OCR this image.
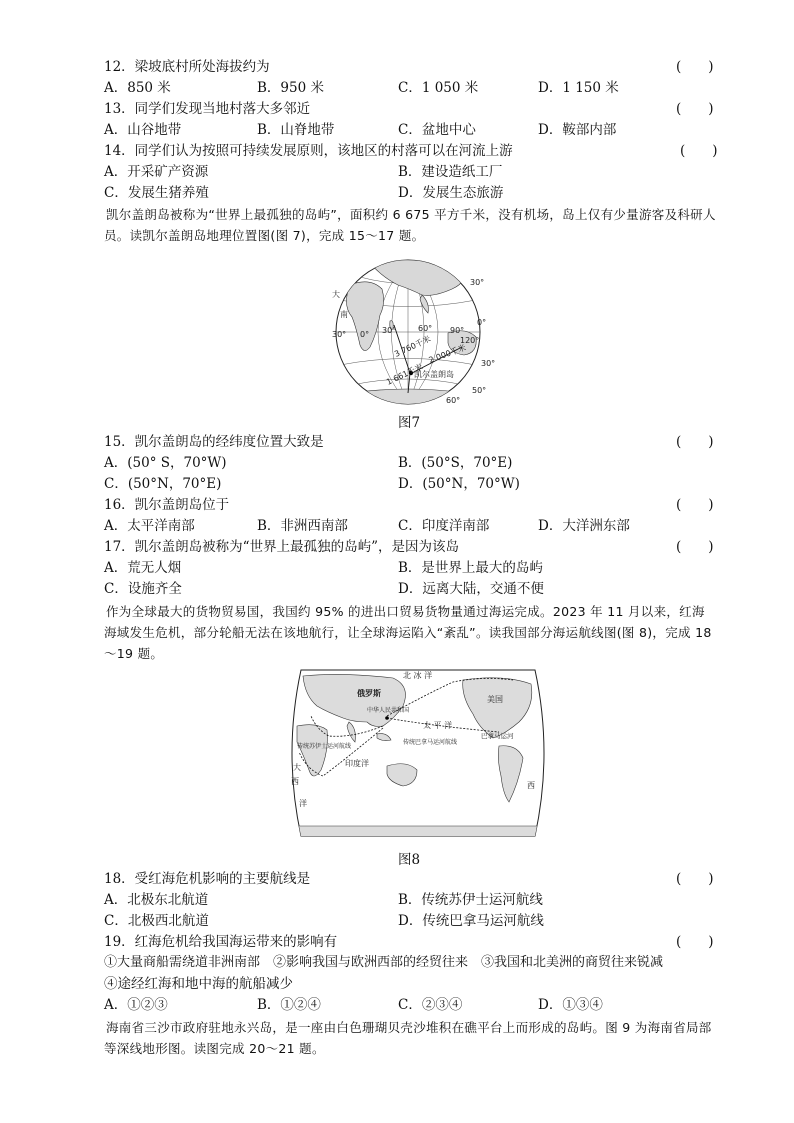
12．梁坡底村所处海拔约为	(　　)
A．850 米	B．950 米	C．1 050 米	D．1 150 米
13．同学们发现当地村落大多邻近	(　　)
A．山谷地带	B．山脊地带	C．盆地中心	D．鞍部内部
14．同学们认为按照可持续发展原则，该地区的村落可以在河流上游	(　　)
A．开采矿产资源	B．建设造纸工厂
C．发展生猪养殖	D．发展生态旅游
凯尔盖朗岛被称为“世界上最孤独的岛屿”，面积约 6 675 平方千米，没有机场，岛上仅有少量游客及科研人员。读凯尔盖朗岛地理位置图(图 7)，完成 15～17 题。
30°
0°
30°
50°
60°
60° 90°
120°
30°
30° 0°
南
大
3 760千米
2 000千米
1 661千米
凯尔盖朗岛
图7
15．凯尔盖朗岛的经纬度位置大致是	(　　)
A．(50° S，70°W)	B．(50°S，70°E)
C．(50°N，70°E)	D．(50°N，70°W)
16．凯尔盖朗岛位于	(　　)
A．太平洋南部	B．非洲西南部	C．印度洋南部	D．大洋洲东部
17．凯尔盖朗岛被称为“世界上最孤独的岛屿”，是因为该岛	(　　)
A．荒无人烟	B．是世界上最大的岛屿
C．设施齐全	D．远离大陆，交通不便
作为全球最大的货物贸易国，我国约 95% 的进出口贸易货物量通过海运完成。2023 年 11 月以来，红海海域发生危机，部分轮船无法在该地航行，让全球海运陷入“紊乱”。读我国部分海运航线图(图 8)，完成 18～19 题。
北 冰 洋
俄罗斯
中华人民共和国
太 平 洋
印度洋
美国
巴拿马运河
传统苏伊士运河航线
传统巴拿马运河航线
洋
西
大
西
图8
18．受红海危机影响的主要航线是	(　　)
A．北极东北航道	B．传统苏伊士运河航线
C．北极西北航道	D．传统巴拿马运河航线
19．红海危机给我国海运带来的影响有	(　　)
①大量商船需绕道非洲南部　②影响我国与欧洲西部的经贸往来　③我国和北美洲的商贸往来锐减
④途经红海和地中海的航船减少
A．①②③	B．①②④	C．②③④	D．①③④
海南省三沙市政府驻地永兴岛，是一座由白色珊瑚贝壳沙堆积在礁平台上而形成的岛屿。图 9 为海南省局部等深线地形图。读图完成 20～21 题。
